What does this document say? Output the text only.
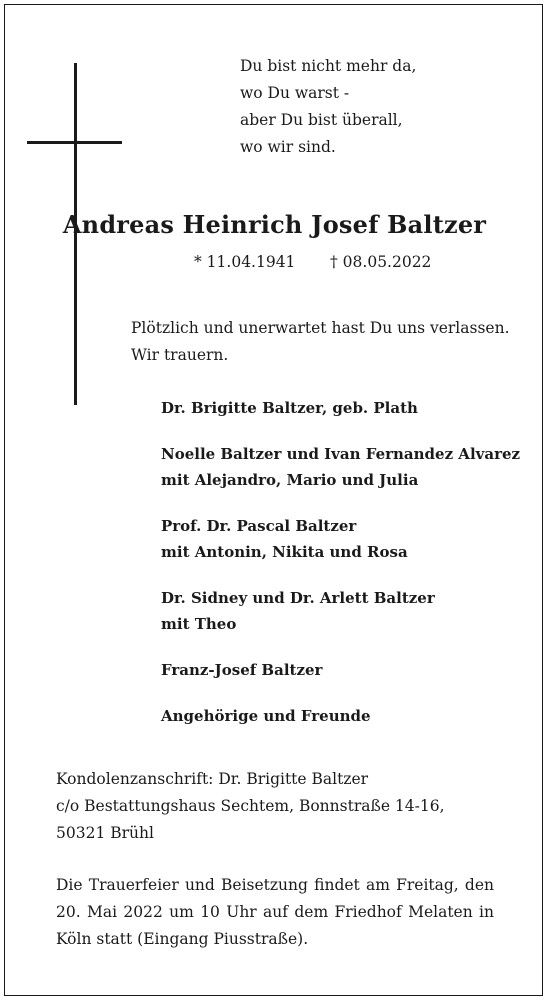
Du bist nicht mehr da,
wo Du warst -
aber Du bist überall,
wo wir sind.
Andreas Heinrich Josef Baltzer
* 11.04.1941 † 08.05.2022
Plötzlich und unerwartet hast Du uns verlassen.
Wir trauern.
Dr. Brigitte Baltzer, geb. Plath
Noelle Baltzer und Ivan Fernandez Alvarez
mit Alejandro, Mario und Julia
Prof. Dr. Pascal Baltzer
mit Antonin, Nikita und Rosa
Dr. Sidney und Dr. Arlett Baltzer
mit Theo
Franz-Josef Baltzer
Angehörige und Freunde
Kondolenzanschrift: Dr. Brigitte Baltzer
c/o Bestattungshaus Sechtem, Bonnstraße 14-16,
50321 Brühl
Die Trauerfeier und Beisetzung findet am Freitag, den 20. Mai 2022 um 10 Uhr auf dem Friedhof Melaten in Köln statt (Eingang Piusstraße).
